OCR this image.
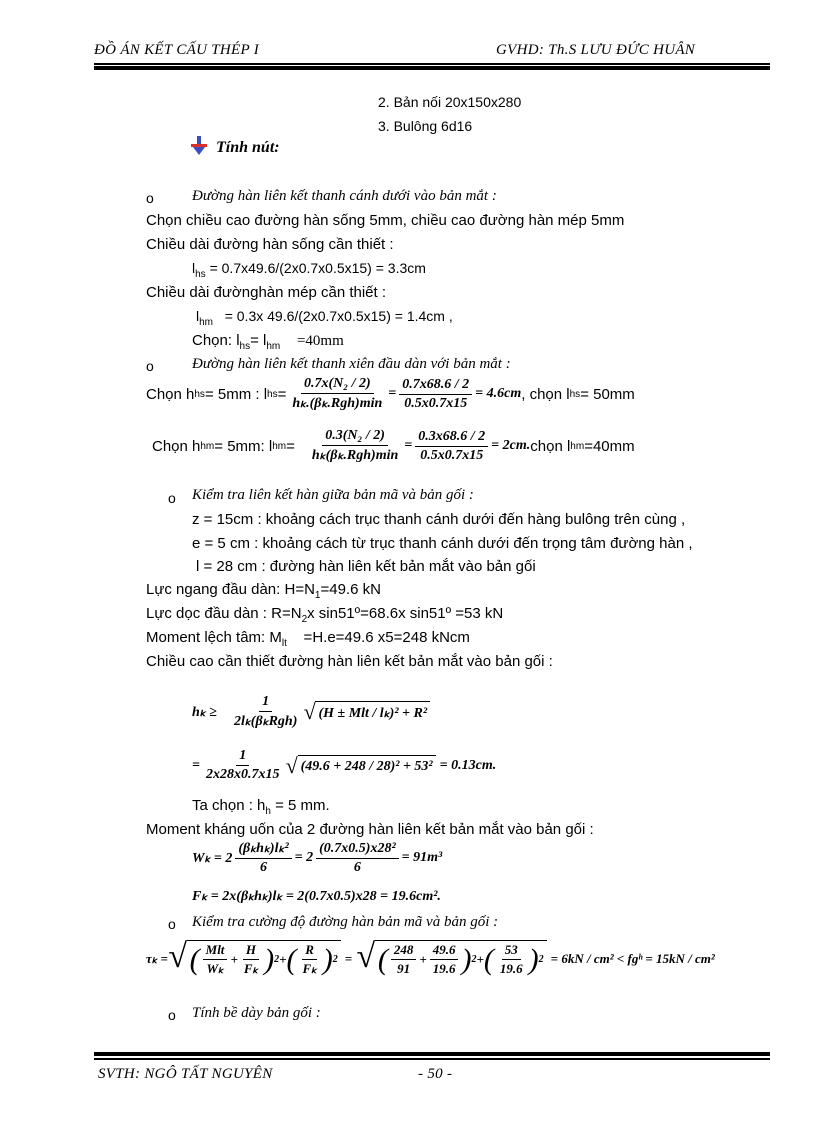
ĐỒ ÁN KẾT CẤU THÉP I	GVHD: Th.S LƯU ĐỨC HUÂN
2. Bản nối 20x150x280
3. Bulông 6d16
Tính nút:
o	Đường hàn liên kết thanh cánh dưới vào bản mắt :
Chọn chiều cao đường hàn sống 5mm, chiều cao đường hàn mép 5mm
Chiều dài đường hàn sống cần thiết :
$l_{hs} = 0.7x49.6/(2x0.7x0.5x15) = 3.3cm$
Chiều dài đườnghàn mép cần thiết :
$l_{hm} = 0.3x$ 49.6/(2x0.7x0.5x15) = 1.4cm ,
Chọn: $l_{hs}= l_{hm} =40mm$
o	Đường hàn liên kết thanh xiên đầu dàn với bản mắt :
Chọn h hs = 5mm : l hs = $\frac{\text{0.7x(N₂ / 2)}}{\text{hₖ.(βₖ.Rgh)min}} = \frac{0.7x68.6 / 2}{0.5x0.7x15} = 4.6cm$ , chọn l hs = 50mm
Chọn h hm = 5mm: l hm = $\frac{\text{0.3(N₂ / 2)}}{\text{hₖ(βₖ.Rgh)min}} = \frac{0.3x68.6 / 2}{0.5x0.7x15} = 2cm$. chọn l hm =40mm
o Kiểm tra liên kết hàn giữa bản mã và bản gối :
z = 15cm : khoảng cách trục thanh cánh dưới đến hàng bulông trên cùng ,
e = 5 cm : khoảng cách từ trục thanh cánh dưới đến trọng tâm đường hàn ,
l = 28 cm : đường hàn liên kết bản mắt vào bản gối
Lực ngang đầu dàn: $H=N_1=49.6$ kN
Lực dọc đầu dàn : $R=N_2x$ sin51º=68.6x sin51º =53 kN
Moment lệch tâm: $M_{lt}$    =H.e=49.6 x5=248 kNcm
Chiều cao cần thiết đường hàn liên kết bản mắt vào bản gối :
$h_k \ge \frac{1}{\text{2lₖ(βₖRgh)}}$ √ (H ± Mlt / lₖ)² + R²
= $\frac{1}{2x28x0.7x15}$ √ (49.6 + 248 / 28)² + 53² = 0.13cm.
Ta chọn : $h_h = 5$ mm.
Moment kháng uốn của 2 đường hàn liên kết bản mắt vào bản gối :
$W_k = 2 \frac{\text{(βₖhₖ)lₖ²}}{6} = 2 \frac{\text{(0.7x0.5)x28²}}{6} = 91m^3$
Fₖ = 2x(βₖhₖ)lₖ = 2(0.7x0.5)x28 = 19.6cm².
o Kiểm tra cường độ đường hàn bản mã và bản gối :
τₖ = √ ( $\frac{\text{Mlt}}{\text{Wₖ}} + \frac{H}{\text{Fₖ}}$ ) 2 + ( $\frac{R}{\text{Fₖ}}$ ) 2 = √ ( $\frac{248}{91} + \frac{49.6}{19.6}$ ) 2 + ( $\frac{53}{19.6}$ ) 2 = 6kN / cm² < fgʰ = 15kN / cm²
o Tính bề dày bản gối :
SVTH: NGÔ TẤT NGUYÊN	- 50 -
